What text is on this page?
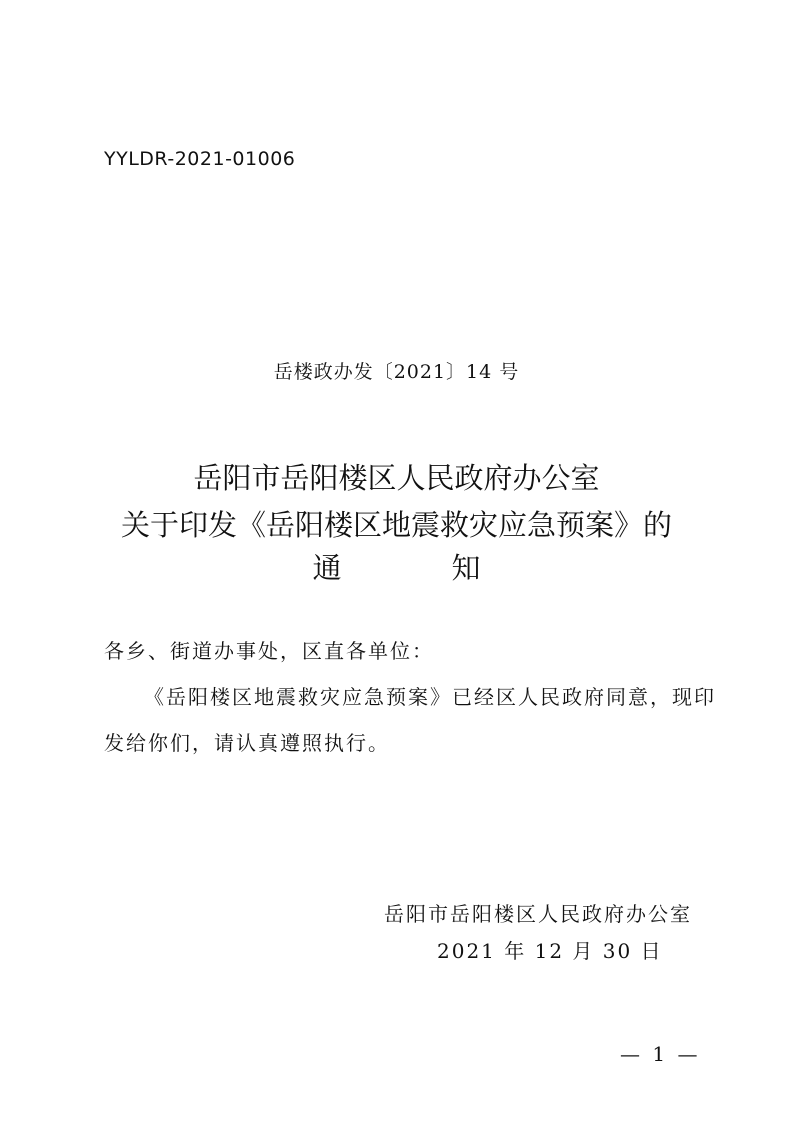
YYLDR-2021-01006
岳楼政办发〔2021〕14 号
岳阳市岳阳楼区人民政府办公室
关于印发《岳阳楼区地震救灾应急预案》的
通	知
各乡、街道办事处，区直各单位：
《岳阳楼区地震救灾应急预案》已经区人民政府同意，现印
发给你们，请认真遵照执行。
岳阳市岳阳楼区人民政府办公室
2021 年 12 月 30 日
— 1 —
